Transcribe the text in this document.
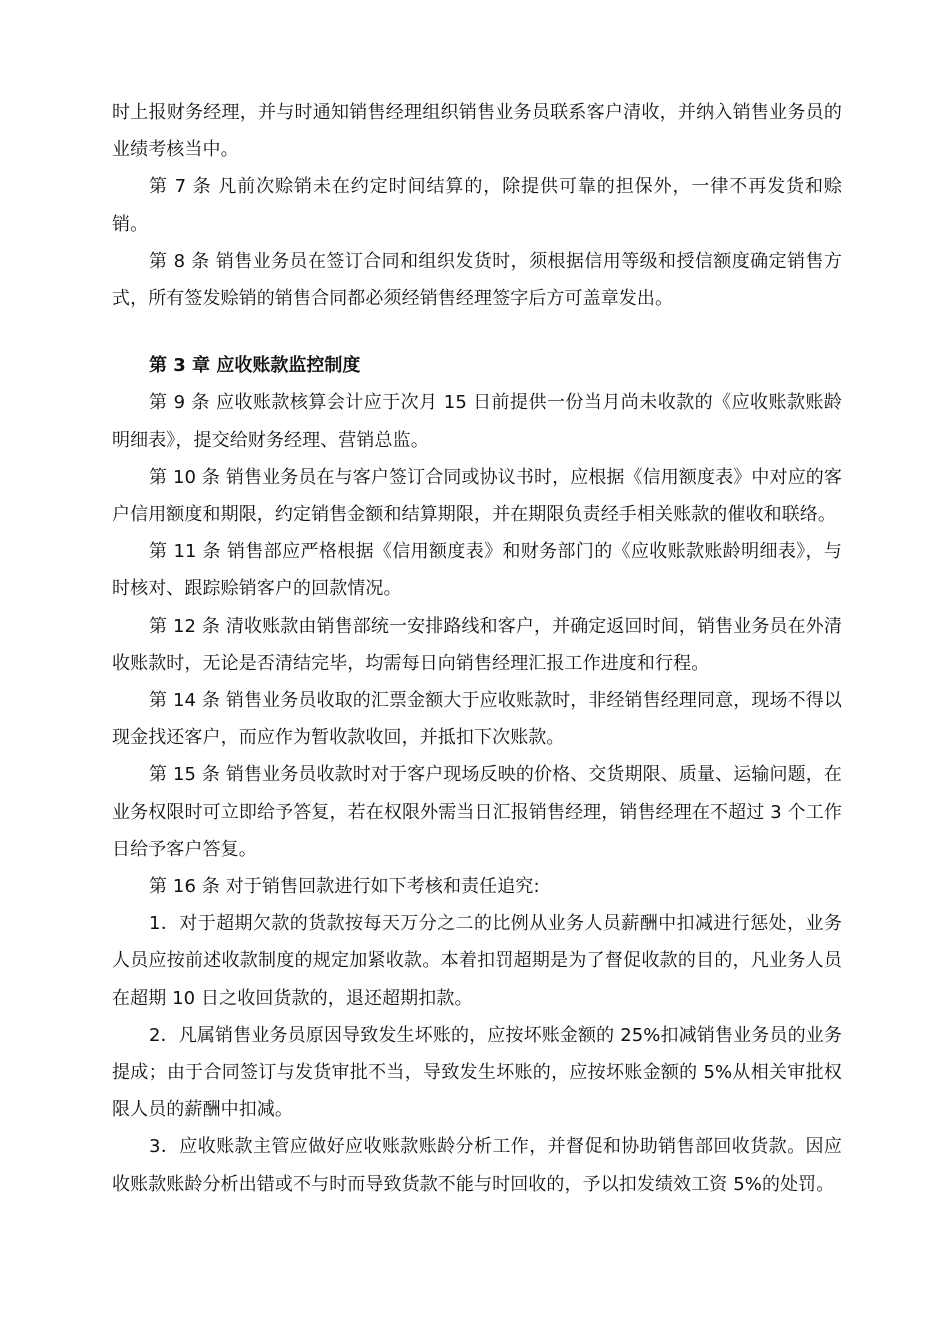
时上报财务经理，并与时通知销售经理组织销售业务员联系客户清收，并纳入销售业务员的业绩考核当中。

第 7 条 凡前次赊销未在约定时间结算的，除提供可靠的担保外，一律不再发货和赊销。

第 8 条 销售业务员在签订合同和组织发货时，须根据信用等级和授信额度确定销售方式，所有签发赊销的销售合同都必须经销售经理签字后方可盖章发出。

第 3 章 应收账款监控制度

第 9 条 应收账款核算会计应于次月 15 日前提供一份当月尚未收款的《应收账款账龄明细表》，提交给财务经理、营销总监。

第 10 条 销售业务员在与客户签订合同或协议书时，应根据《信用额度表》中对应的客户信用额度和期限，约定销售金额和结算期限，并在期限负责经手相关账款的催收和联络。

第 11 条 销售部应严格根据《信用额度表》和财务部门的《应收账款账龄明细表》，与时核对、跟踪赊销客户的回款情况。

第 12 条 清收账款由销售部统一安排路线和客户，并确定返回时间，销售业务员在外清收账款时，无论是否清结完毕，均需每日向销售经理汇报工作进度和行程。

第 14 条 销售业务员收取的汇票金额大于应收账款时，非经销售经理同意，现场不得以现金找还客户，而应作为暂收款收回，并抵扣下次账款。

第 15 条 销售业务员收款时对于客户现场反映的价格、交货期限、质量、运输问题，在业务权限时可立即给予答复，若在权限外需当日汇报销售经理，销售经理在不超过 3 个工作日给予客户答复。

第 16 条 对于销售回款进行如下考核和责任追究:

1．对于超期欠款的货款按每天万分之二的比例从业务人员薪酬中扣减进行惩处，业务人员应按前述收款制度的规定加紧收款。本着扣罚超期是为了督促收款的目的，凡业务人员在超期 10 日之收回货款的，退还超期扣款。

2．凡属销售业务员原因导致发生坏账的，应按坏账金额的 25%扣减销售业务员的业务提成；由于合同签订与发货审批不当，导致发生坏账的，应按坏账金额的 5%从相关审批权限人员的薪酬中扣减。

3．应收账款主管应做好应收账款账龄分析工作，并督促和协助销售部回收货款。因应收账款账龄分析出错或不与时而导致货款不能与时回收的，予以扣发绩效工资 5%的处罚。
